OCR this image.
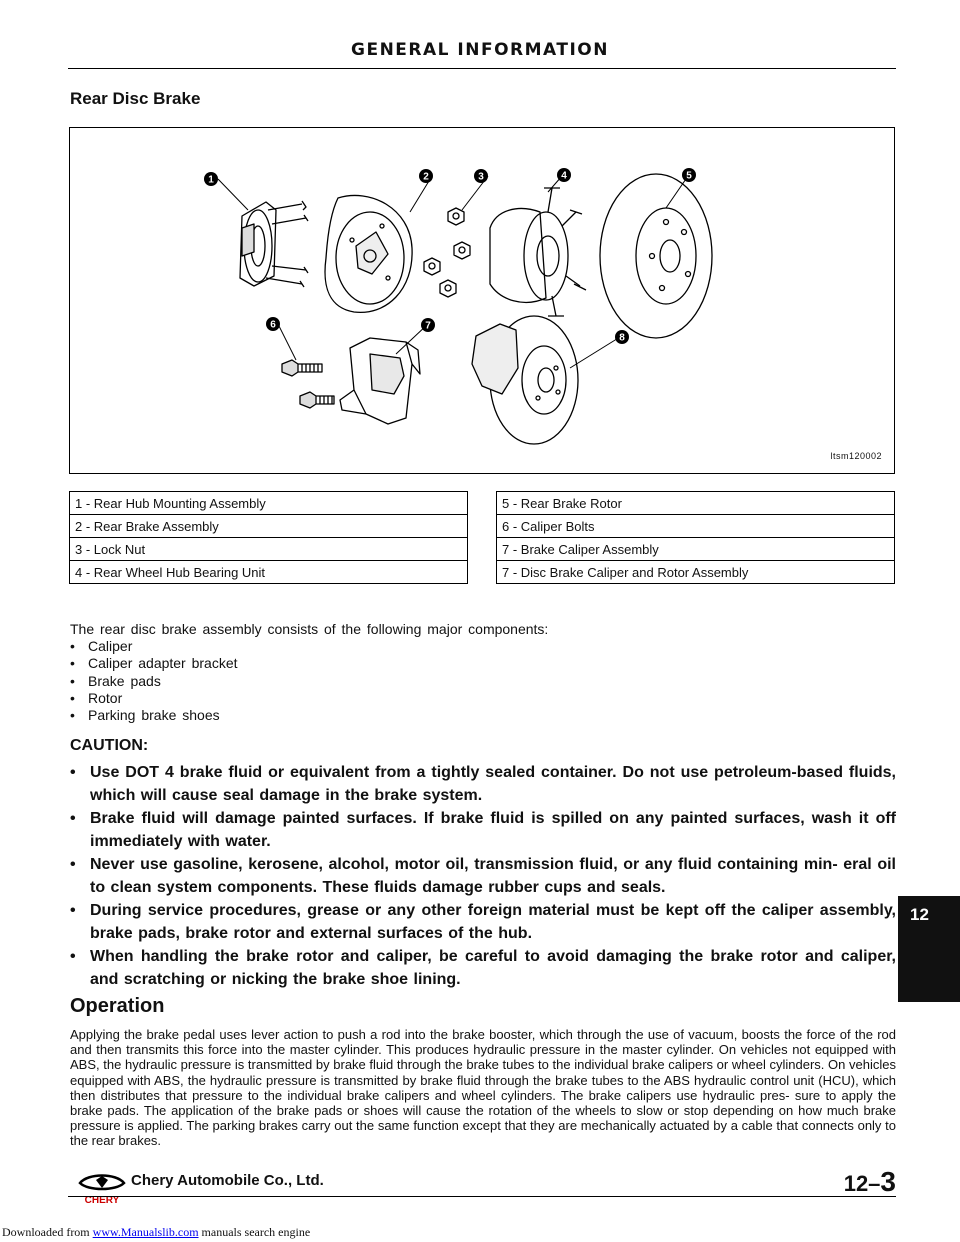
GENERAL INFORMATION
Rear Disc Brake
1	2	3	4	5
6	7
8
ltsm120002
1 - Rear Hub Mounting Assembly
2 - Rear Brake Assembly
3 - Lock Nut
4 - Rear Wheel Hub Bearing Unit
5 - Rear Brake Rotor
6 - Caliper Bolts
7 - Brake Caliper Assembly
7 - Disc Brake Caliper and Rotor Assembly
The rear disc brake assembly consists of the following major components:
• Caliper
• Caliper adapter bracket
• Brake pads
• Rotor
• Parking brake shoes
CAUTION:
• Use DOT 4 brake fluid or equivalent from a tightly sealed container. Do not use petroleum-based fluids, which will cause seal damage in the brake system.
• Brake fluid will damage painted surfaces. If brake fluid is spilled on any painted surfaces, wash it off immediately with water.
• Never use gasoline, kerosene, alcohol, motor oil, transmission fluid, or any fluid containing min- eral oil to clean system components. These fluids damage rubber cups and seals.
• During service procedures, grease or any other foreign material must be kept off the caliper assembly, brake pads, brake rotor and external surfaces of the hub.
• When handling the brake rotor and caliper, be careful to avoid damaging the brake rotor and caliper, and scratching or nicking the brake shoe lining.
Operation
Applying the brake pedal uses lever action to push a rod into the brake booster, which through the use of vacuum, boosts the force of the rod and then transmits this force into the master cylinder. This produces hydraulic pressure in the master cylinder. On vehicles not equipped with ABS, the hydraulic pressure is transmitted by brake fluid through the brake tubes to the individual brake calipers or wheel cylinders. On vehicles equipped with ABS, the hydraulic pressure is transmitted by brake fluid through the brake tubes to the ABS hydraulic control unit (HCU), which then distributes that pressure to the individual brake calipers and wheel cylinders. The brake calipers use hydraulic pres- sure to apply the brake pads. The application of the brake pads or shoes will cause the rotation of the wheels to slow or stop depending on how much brake pressure is applied. The parking brakes carry out the same function except that they are mechanically actuated by a cable that connects only to the rear brakes.
CHERY
Chery Automobile Co., Ltd.	12–3
Downloaded from www.Manualslib.com manuals search engine
12
